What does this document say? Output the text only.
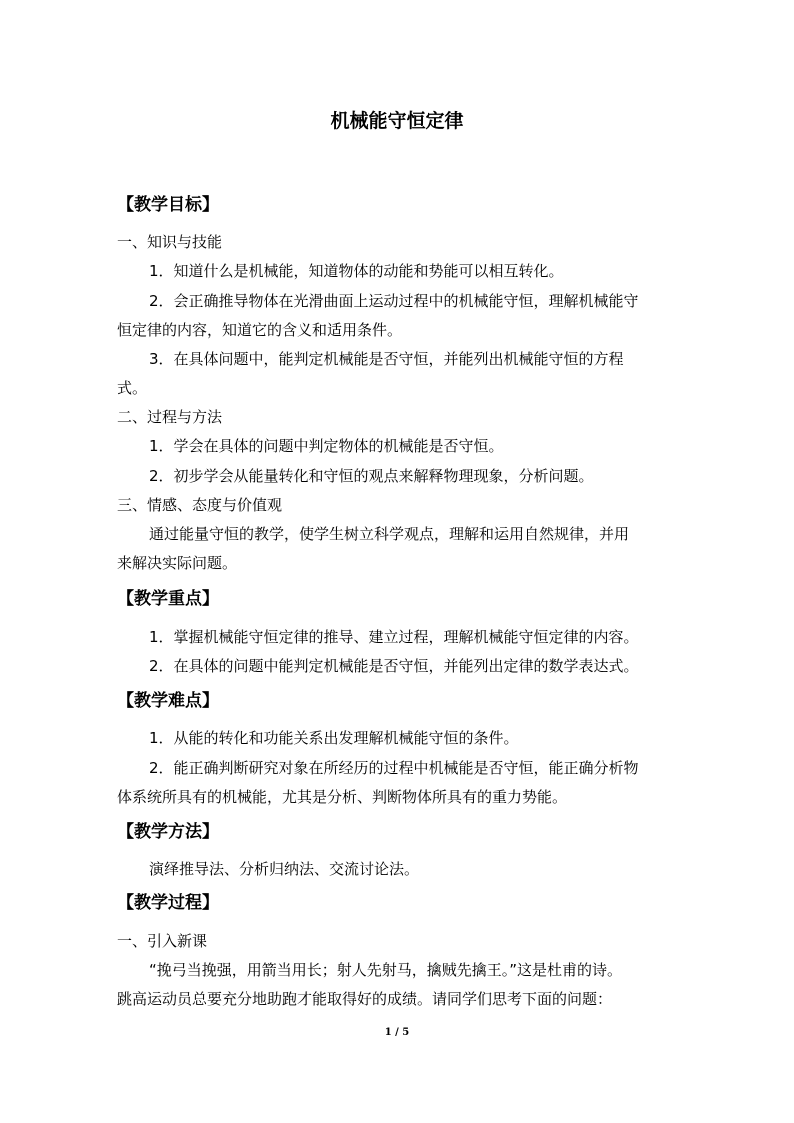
机械能守恒定律
【教学目标】
一、知识与技能
1．知道什么是机械能，知道物体的动能和势能可以相互转化。
2．会正确推导物体在光滑曲面上运动过程中的机械能守恒，理解机械能守
恒定律的内容，知道它的含义和适用条件。
3．在具体问题中，能判定机械能是否守恒，并能列出机械能守恒的方程
式。
二、过程与方法
1．学会在具体的问题中判定物体的机械能是否守恒。
2．初步学会从能量转化和守恒的观点来解释物理现象，分析问题。
三、情感、态度与价值观
通过能量守恒的教学，使学生树立科学观点，理解和运用自然规律，并用
来解决实际问题。
【教学重点】
1．掌握机械能守恒定律的推导、建立过程，理解机械能守恒定律的内容。
2．在具体的问题中能判定机械能是否守恒，并能列出定律的数学表达式。
【教学难点】
1．从能的转化和功能关系出发理解机械能守恒的条件。
2．能正确判断研究对象在所经历的过程中机械能是否守恒，能正确分析物
体系统所具有的机械能，尤其是分析、判断物体所具有的重力势能。
【教学方法】
演绎推导法、分析归纳法、交流讨论法。
【教学过程】
一、引入新课
“挽弓当挽强，用箭当用长；射人先射马，擒贼先擒王。”这是杜甫的诗。
跳高运动员总要充分地助跑才能取得好的成绩。请同学们思考下面的问题：
1 / 5
